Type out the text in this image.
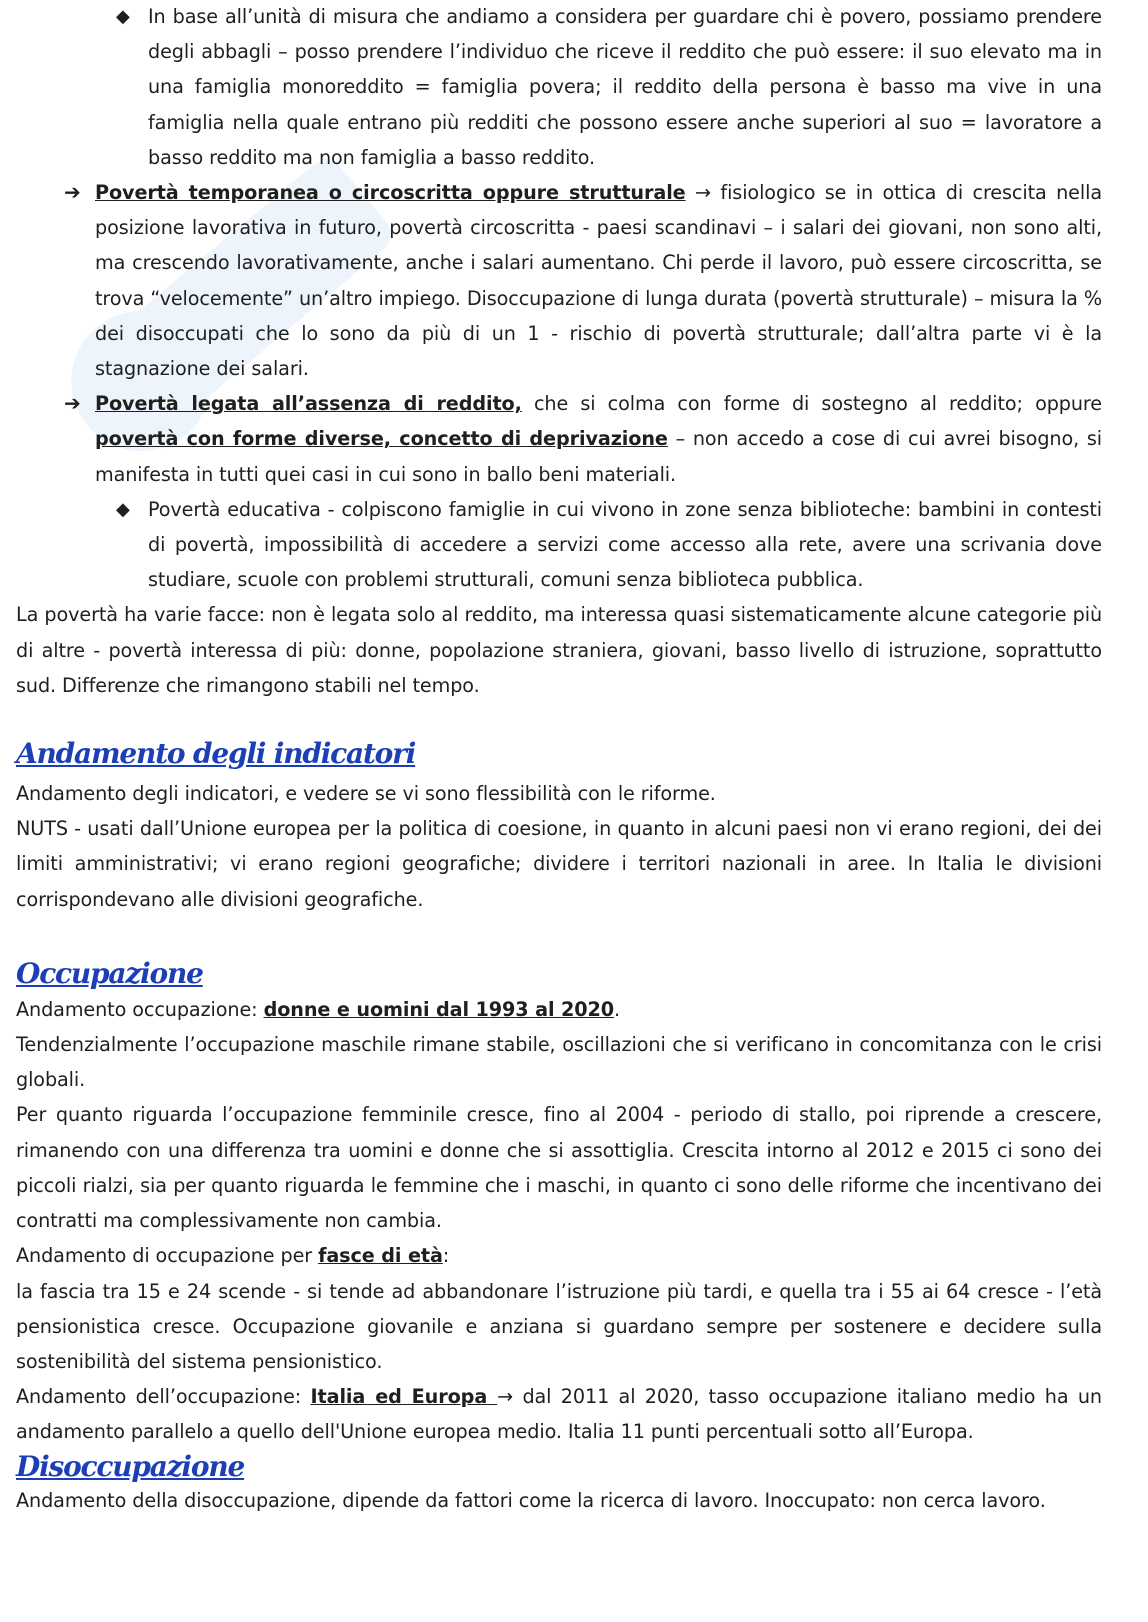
◆ In base all’unità di misura che andiamo a considera per guardare chi è povero, possiamo prendere degli abbagli – posso prendere l’individuo che riceve il reddito che può essere: il suo elevato ma in una famiglia monoreddito = famiglia povera; il reddito della persona è basso ma vive in una famiglia nella quale entrano più redditi che possono essere anche superiori al suo = lavoratore a basso reddito ma non famiglia a basso reddito.

➔ Povertà temporanea o circoscritta oppure strutturale → fisiologico se in ottica di crescita nella posizione lavorativa in futuro, povertà circoscritta - paesi scandinavi – i salari dei giovani, non sono alti, ma crescendo lavorativamente, anche i salari aumentano. Chi perde il lavoro, può essere circoscritta, se trova “velocemente” un’altro impiego. Disoccupazione di lunga durata (povertà strutturale) – misura la % dei disoccupati che lo sono da più di un 1 - rischio di povertà strutturale; dall’altra parte vi è la stagnazione dei salari.

➔ Povertà legata all’assenza di reddito, che si colma con forme di sostegno al reddito; oppure povertà con forme diverse, concetto di deprivazione – non accedo a cose di cui avrei bisogno, si manifesta in tutti quei casi in cui sono in ballo beni materiali.

◆ Povertà educativa - colpiscono famiglie in cui vivono in zone senza biblioteche: bambini in contesti di povertà, impossibilità di accedere a servizi come accesso alla rete, avere una scrivania dove studiare, scuole con problemi strutturali, comuni senza biblioteca pubblica.

La povertà ha varie facce: non è legata solo al reddito, ma interessa quasi sistematicamente alcune categorie più di altre - povertà interessa di più: donne, popolazione straniera, giovani, basso livello di istruzione, soprattutto sud. Differenze che rimangono stabili nel tempo.

Andamento degli indicatori

Andamento degli indicatori, e vedere se vi sono flessibilità con le riforme.

NUTS - usati dall’Unione europea per la politica di coesione, in quanto in alcuni paesi non vi erano regioni, dei dei limiti amministrativi; vi erano regioni geografiche; dividere i territori nazionali in aree. In Italia le divisioni corrispondevano alle divisioni geografiche.

Occupazione

Andamento occupazione: donne e uomini dal 1993 al 2020.

Tendenzialmente l’occupazione maschile rimane stabile, oscillazioni che si verificano in concomitanza con le crisi globali.

Per quanto riguarda l’occupazione femminile cresce, fino al 2004 - periodo di stallo, poi riprende a crescere, rimanendo con una differenza tra uomini e donne che si assottiglia. Crescita intorno al 2012 e 2015 ci sono dei piccoli rialzi, sia per quanto riguarda le femmine che i maschi, in quanto ci sono delle riforme che incentivano dei contratti ma complessivamente non cambia.

Andamento di occupazione per fasce di età:

la fascia tra 15 e 24 scende - si tende ad abbandonare l’istruzione più tardi, e quella tra i 55 ai 64 cresce - l’età pensionistica cresce. Occupazione giovanile e anziana si guardano sempre per sostenere e decidere sulla sostenibilità del sistema pensionistico.

Andamento dell’occupazione: Italia ed Europa → dal 2011 al 2020, tasso occupazione italiano medio ha un andamento parallelo a quello dell'Unione europea medio. Italia 11 punti percentuali sotto all’Europa.

Disoccupazione

Andamento della disoccupazione, dipende da fattori come la ricerca di lavoro. Inoccupato: non cerca lavoro.
